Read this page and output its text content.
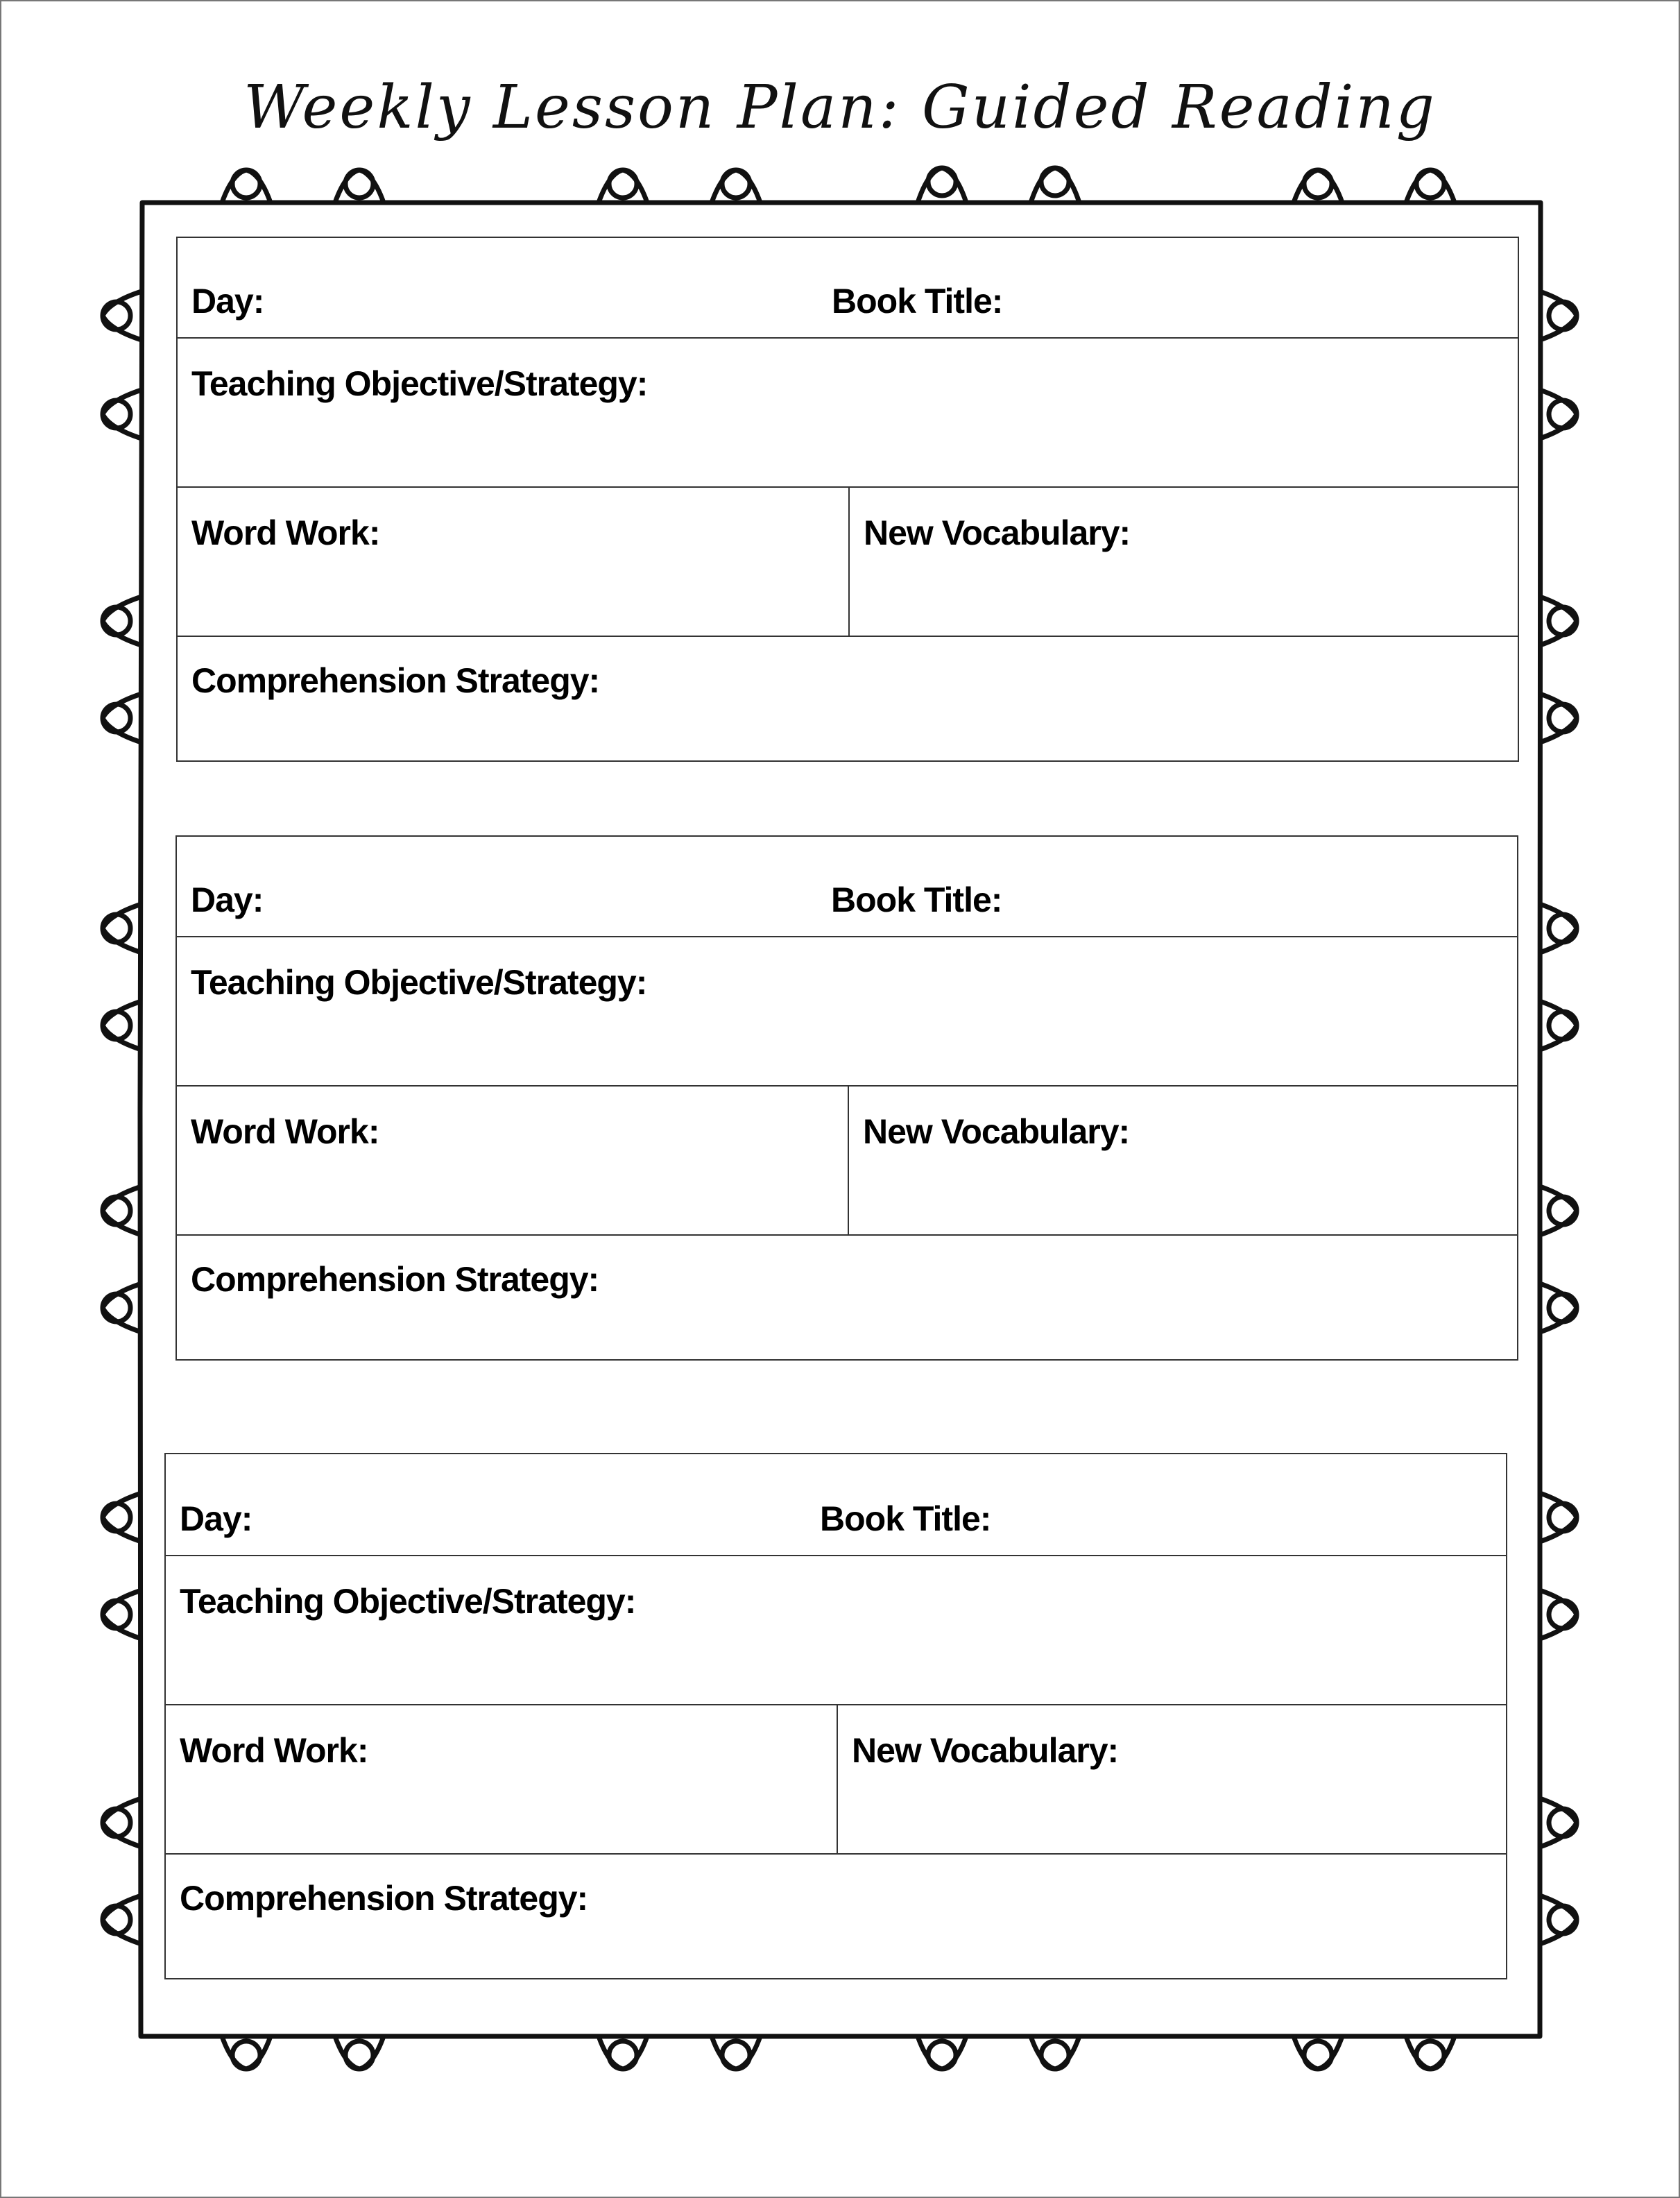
Weekly Lesson Plan: Guided Reading
Day:	Book Title:
Teaching Objective/Strategy:
Word Work:	New Vocabulary:
Comprehension Strategy:
Day:	Book Title:
Teaching Objective/Strategy:
Word Work:	New Vocabulary:
Comprehension Strategy:
Day:	Book Title:
Teaching Objective/Strategy:
Word Work:	New Vocabulary:
Comprehension Strategy:
